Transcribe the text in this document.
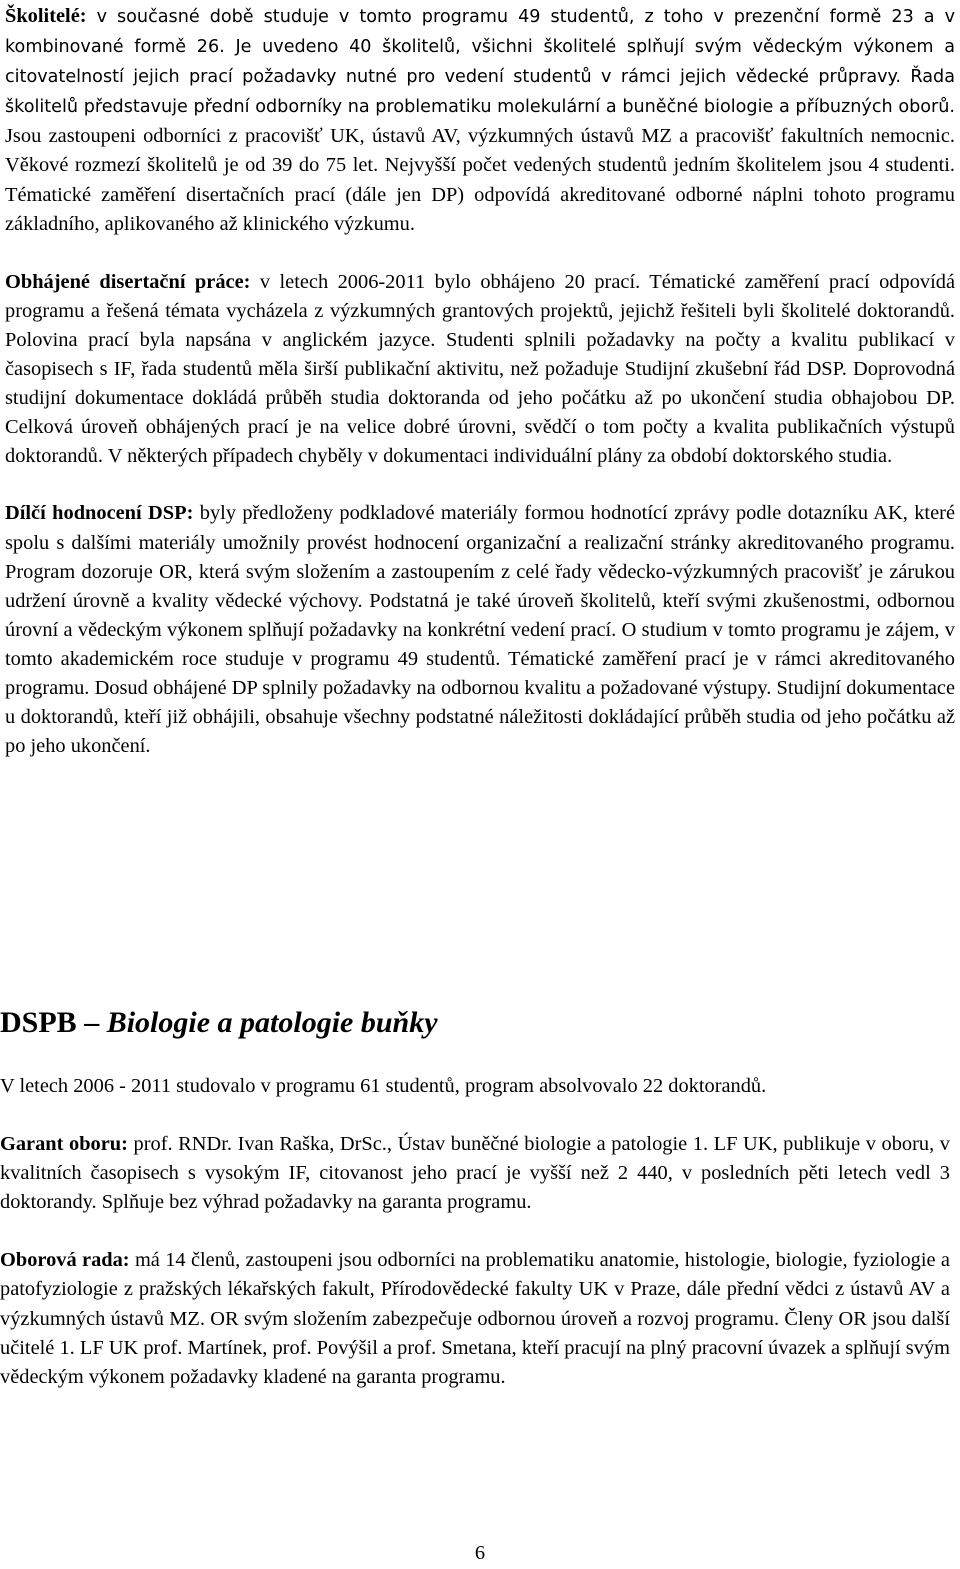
Školitelé: v současné době studuje v tomto programu 49 studentů, z toho v prezenční formě 23 a v kombinované formě 26. Je uvedeno 40 školitelů, všichni školitelé splňují svým vědeckým výkonem a citovatelností jejich prací požadavky nutné pro vedení studentů v rámci jejich vědecké průpravy. Řada školitelů představuje přední odborníky na problematiku molekulární a buněčné biologie a příbuzných oborů. Jsou zastoupeni odborníci z pracovišť UK, ústavů AV, výzkumných ústavů MZ a pracovišť fakultních nemocnic. Věkové rozmezí školitelů je od 39 do 75 let. Nejvyšší počet vedených studentů jedním školitelem jsou 4 studenti. Tématické zaměření disertačních prací (dále jen DP) odpovídá akreditované odborné náplni tohoto programu základního, aplikovaného až klinického výzkumu.

Obhájené disertační práce: v letech 2006-2011 bylo obhájeno 20 prací. Tématické zaměření prací odpovídá programu a řešená témata vycházela z výzkumných grantových projektů, jejichž řešiteli byli školitelé doktorandů. Polovina prací byla napsána v anglickém jazyce. Studenti splnili požadavky na počty a kvalitu publikací v časopisech s IF, řada studentů měla širší publikační aktivitu, než požaduje Studijní zkušební řád DSP. Doprovodná studijní dokumentace dokládá průběh studia doktoranda od jeho počátku až po ukončení studia obhajobou DP. Celková úroveň obhájených prací je na velice dobré úrovni, svědčí o tom počty a kvalita publikačních výstupů doktorandů. V některých případech chyběly v dokumentaci individuální plány za období doktorského studia.

Dílčí hodnocení DSP: byly předloženy podkladové materiály formou hodnotící zprávy podle dotazníku AK, které spolu s dalšími materiály umožnily provést hodnocení organizační a realizační stránky akreditovaného programu. Program dozoruje OR, která svým složením a zastoupením z celé řady vědecko-výzkumných pracovišť je zárukou udržení úrovně a kvality vědecké výchovy. Podstatná je také úroveň školitelů, kteří svými zkušenostmi, odbornou úrovní a vědeckým výkonem splňují požadavky na konkrétní vedení prací. O studium v tomto programu je zájem, v tomto akademickém roce studuje v programu 49 studentů. Tématické zaměření prací je v rámci akreditovaného programu. Dosud obhájené DP splnily požadavky na odbornou kvalitu a požadované výstupy. Studijní dokumentace u doktorandů, kteří již obhájili, obsahuje všechny podstatné náležitosti dokládající průběh studia od jeho počátku až po jeho ukončení.

DSPB – Biologie a patologie buňky

V letech 2006 - 2011 studovalo v programu 61 studentů, program absolvovalo 22 doktorandů.

Garant oboru: prof. RNDr. Ivan Raška, DrSc., Ústav buněčné biologie a patologie 1. LF UK, publikuje v oboru, v kvalitních časopisech s vysokým IF, citovanost jeho prací je vyšší než 2 440, v posledních pěti letech vedl 3 doktorandy. Splňuje bez výhrad požadavky na garanta programu.

Oborová rada: má 14 členů, zastoupeni jsou odborníci na problematiku anatomie, histologie, biologie, fyziologie a patofyziologie z pražských lékařských fakult, Přírodovědecké fakulty UK v Praze, dále přední vědci z ústavů AV a výzkumných ústavů MZ. OR svým složením zabezpečuje odbornou úroveň a rozvoj programu. Členy OR jsou další učitelé 1. LF UK prof. Martínek, prof. Povýšil a prof. Smetana, kteří pracují na plný pracovní úvazek a splňují svým vědeckým výkonem požadavky kladené na garanta programu.

6
